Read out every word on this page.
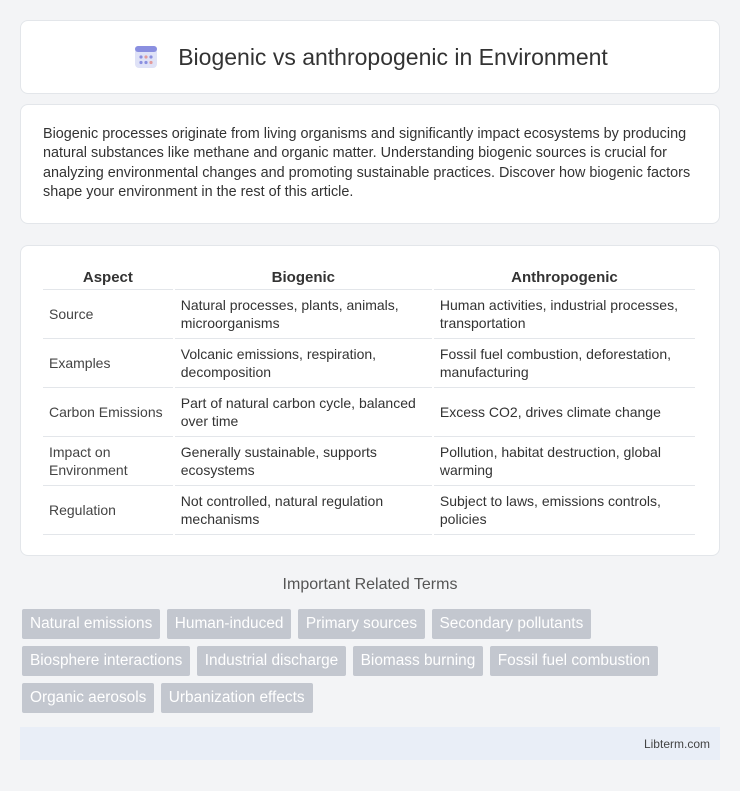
Biogenic vs anthropogenic in Environment

Biogenic processes originate from living organisms and significantly impact ecosystems by producing natural substances like methane and organic matter. Understanding biogenic sources is crucial for analyzing environmental changes and promoting sustainable practices. Discover how biogenic factors shape your environment in the rest of this article.

Aspect	Biogenic	Anthropogenic
Source	Natural processes, plants, animals, microorganisms	Human activities, industrial processes, transportation
Examples	Volcanic emissions, respiration, decomposition	Fossil fuel combustion, deforestation, manufacturing
Carbon Emissions	Part of natural carbon cycle, balanced over time	Excess CO2, drives climate change
Impact on Environment	Generally sustainable, supports ecosystems	Pollution, habitat destruction, global warming
Regulation	Not controlled, natural regulation mechanisms	Subject to laws, emissions controls, policies
Important Related Terms
Natural emissions Human-induced Primary sources Secondary pollutants Biosphere interactions Industrial discharge Biomass burning Fossil fuel combustion Organic aerosols Urbanization effects
Libterm.com
